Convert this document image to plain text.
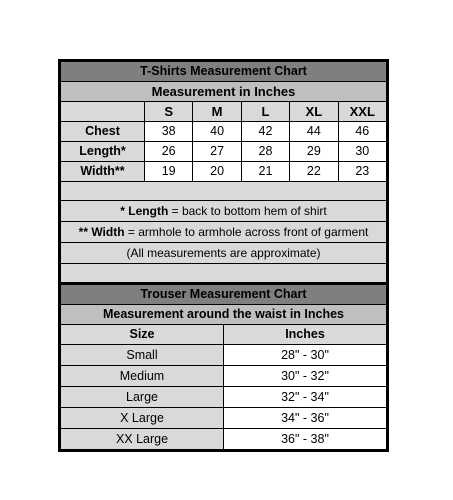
T-Shirts Measurement Chart					
Measurement in Inches					
	S	M	L	XL	XXL
Chest	38	40	42	44	46
Length*	26	27	28	29	30
Width**	19	20	21	22	23

* Length = back to bottom hem of shirt					
** Width = armhole to armhole across front of garment					
(All measurements are approximate)					

Trouser Measurement Chart	
Measurement around the waist in Inches	
Size	Inches
Small	28" - 30"
Medium	30" - 32"
Large	32" - 34"
X Large	34" - 36"
XX Large	36" - 38"
